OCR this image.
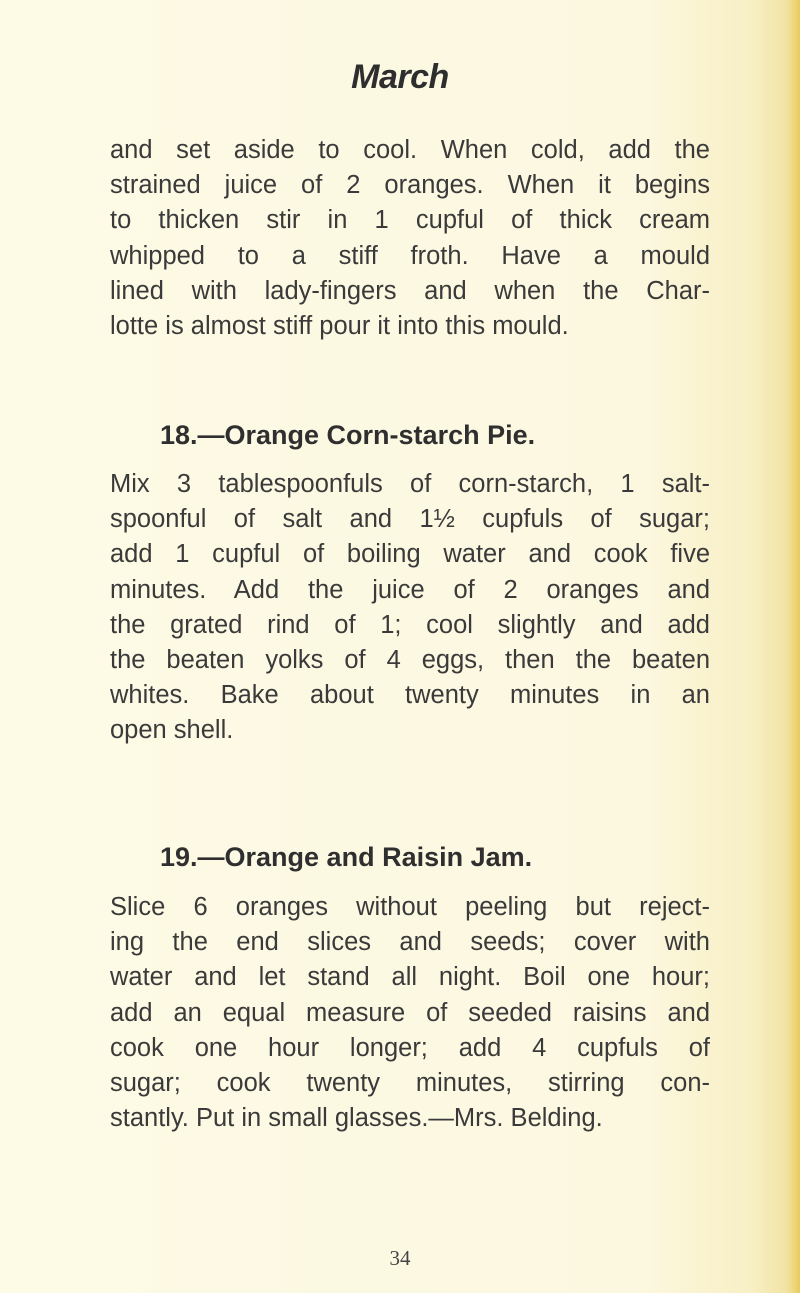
March
and set aside to cool. When cold, add the
strained juice of 2 oranges. When it begins
to thicken stir in 1 cupful of thick cream
whipped to a stiff froth. Have a mould
lined with lady-fingers and when the Char-
lotte is almost stiff pour it into this mould.
18.—Orange Corn-starch Pie.
Mix 3 tablespoonfuls of corn-starch, 1 salt-
spoonful of salt and 1½ cupfuls of sugar;
add 1 cupful of boiling water and cook five
minutes. Add the juice of 2 oranges and
the grated rind of 1; cool slightly and add
the beaten yolks of 4 eggs, then the beaten
whites. Bake about twenty minutes in an
open shell.
19.—Orange and Raisin Jam.
Slice 6 oranges without peeling but reject-
ing the end slices and seeds; cover with
water and let stand all night. Boil one hour;
add an equal measure of seeded raisins and
cook one hour longer; add 4 cupfuls of
sugar; cook twenty minutes, stirring con-
stantly. Put in small glasses.—Mrs. Belding.
34
